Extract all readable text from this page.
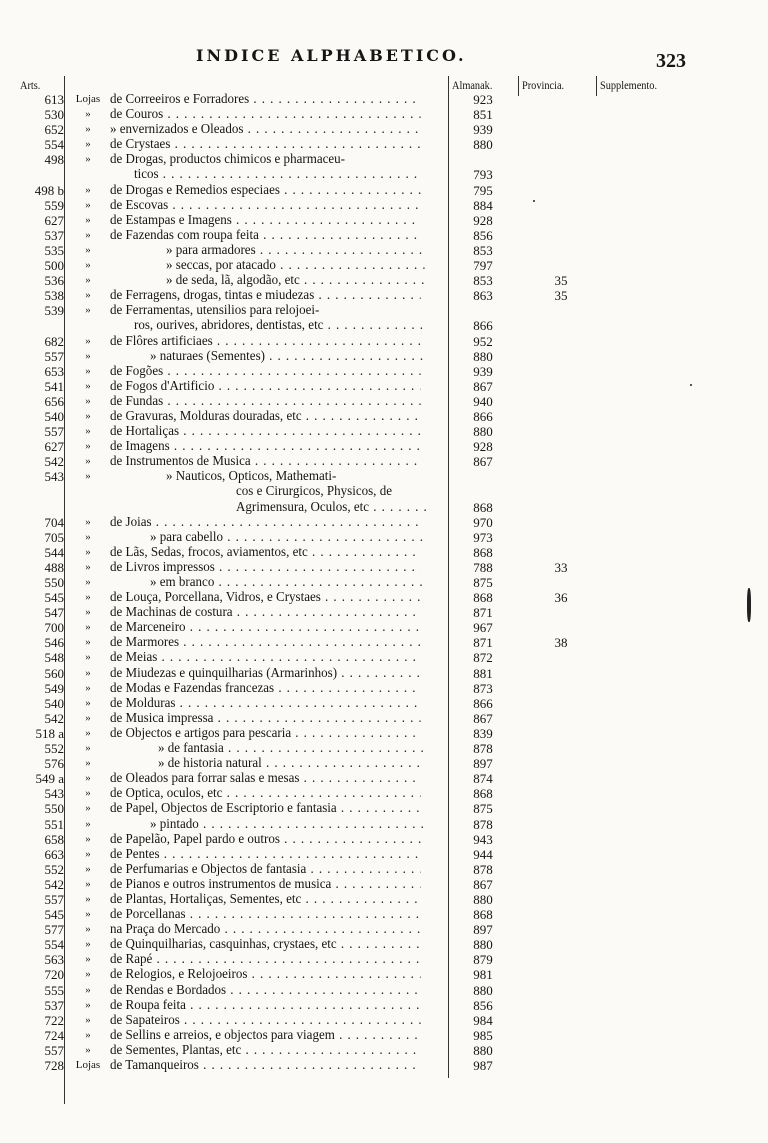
INDICE ALPHABETICO.	323
Arts.	Almanak. Provincia.	Supplemento.
613 Lojas de Correeiros e Forradores . . .	923
530	»	de Couros . . .	851
652	»	» envernizados e Oleados . . .	939
554	»	de Crystaes . . .	880
498	»	de Drogas, productos chimicos e pharmaceu-
ticos . . .	793
498 b	»	de Drogas e Remedios especiaes . . .	795
559	»	de Escovas . . .	884
627	»	de Estampas e Imagens . . .	928
537	»	de Fazendas com roupa feita . . .	856
535	»	» para armadores . . .	853
500	»	» seccas, por atacado . . .	797
536	»	» de seda, lã, algodão, etc . . .	853	35
538	»	de Ferragens, drogas, tintas e miudezas . . .	863	35
539	»	de Ferramentas, utensilios para relojoei-
ros, ourives, abridores, dentistas, etc . . .	866
682	»	de Flôres artificiaes . . .	952
557	»	» naturaes (Sementes) . . .	880
653	»	de Fogões . . .	939
541	»	de Fogos d'Artificio . . .	867
656	»	de Fundas . . .	940
540	»	de Gravuras, Molduras douradas, etc . . .	866
557	»	de Hortaliças . . .	880
627	»	de Imagens . . .	928
542	»	de Instrumentos de Musica . . .	867
543	»	» Nauticos, Opticos, Mathemati-
cos e Cirurgicos, Physicos, de
Agrimensura, Oculos, etc . . .	868
704	»	de Joias . . .	970
705	»	» para cabello . . .	973
544	»	de Lãs, Sedas, frocos, aviamentos, etc . . .	868
488	»	de Livros impressos . . .	788	33
550	»	» em branco . . .	875
545	»	de Louça, Porcellana, Vidros, e Crystaes . . .	868	36
547	»	de Machinas de costura . . .	871
700	»	de Marceneiro . . .	967
546	»	de Marmores . . .	871	38
548	»	de Meias . . .	872
560	»	de Miudezas e quinquilharias (Armarinhos) . . .	881
549	»	de Modas e Fazendas francezas . . .	873
540	»	de Molduras . . .	866
542	»	de Musica impressa . . .	867
518 a	»	de Objectos e artigos para pescaria . . .	839
552	»	» de fantasia . . .	878
576	»	» de historia natural . . .	897
549 a	»	de Oleados para forrar salas e mesas . . .	874
543	»	de Optica, oculos, etc . . .	868
550	»	de Papel, Objectos de Escriptorio e fantasia . . .	875
551	»	» pintado . . .	878
658	»	de Papelão, Papel pardo e outros . . .	943
663	»	de Pentes . . .	944
552	»	de Perfumarias e Objectos de fantasia . . .	878
542	»	de Pianos e outros instrumentos de musica . . .	867
557	»	de Plantas, Hortaliças, Sementes, etc . . .	880
545	»	de Porcellanas . . .	868
577	»	na Praça do Mercado . . .	897
554	»	de Quinquilharias, casquinhas, crystaes, etc . . .	880
563	»	de Rapé . . .	879
720	»	de Relogios, e Relojoeiros . . .	981
555	»	de Rendas e Bordados . . .	880
537	»	de Roupa feita . . .	856
722	»	de Sapateiros . . .	984
724	»	de Sellins e arreios, e objectos para viagem . . .	985
557	»	de Sementes, Plantas, etc . . .	880
728 Lojas de Tamanqueiros . . .	987
